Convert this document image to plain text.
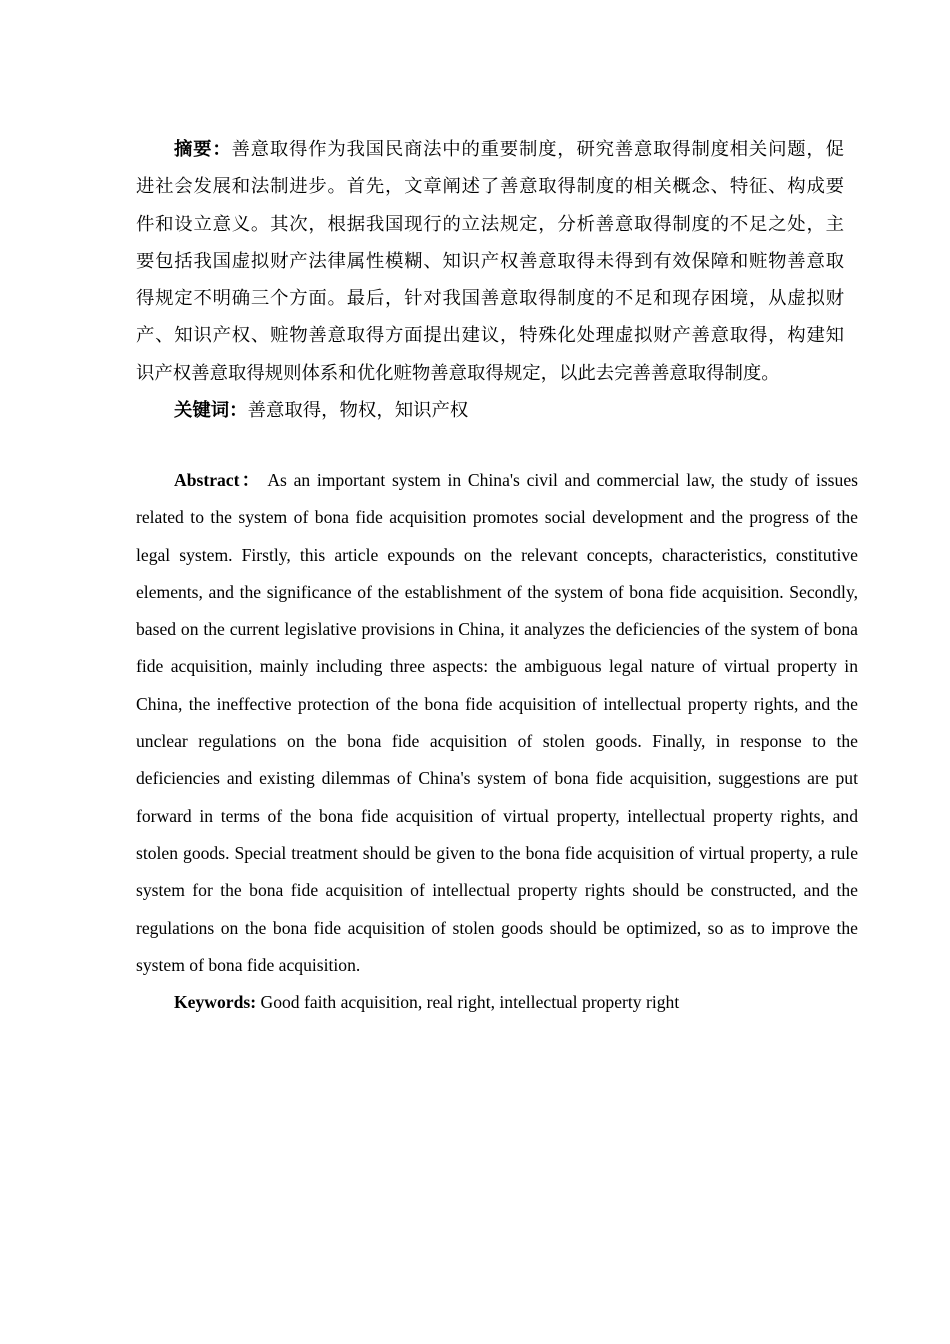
摘要：善意取得作为我国民商法中的重要制度，研究善意取得制度相关问题，促
进社会发展和法制进步。首先，文章阐述了善意取得制度的相关概念、特征、构成要
件和设立意义。其次，根据我国现行的立法规定，分析善意取得制度的不足之处，主
要包括我国虚拟财产法律属性模糊、知识产权善意取得未得到有效保障和赃物善意取
得规定不明确三个方面。最后，针对我国善意取得制度的不足和现存困境，从虚拟财
产、知识产权、赃物善意取得方面提出建议，特殊化处理虚拟财产善意取得，构建知
识产权善意取得规则体系和优化赃物善意取得规定，以此去完善善意取得制度。
关键词：善意取得，物权，知识产权

Abstract： As an important system in China's civil and commercial law, the study of issues related to the system of bona fide acquisition promotes social development and the progress of the legal system. Firstly, this article expounds on the relevant concepts, characteristics, constitutive elements, and the significance of the establishment of the system of bona fide acquisition. Secondly, based on the current legislative provisions in China, it analyzes the deficiencies of the system of bona fide acquisition, mainly including three aspects: the ambiguous legal nature of virtual property in China, the ineffective protection of the bona fide acquisition of intellectual property rights, and the unclear regulations on the bona fide acquisition of stolen goods. Finally, in response to the deficiencies and existing dilemmas of China's system of bona fide acquisition, suggestions are put forward in terms of the bona fide acquisition of virtual property, intellectual property rights, and stolen goods. Special treatment should be given to the bona fide acquisition of virtual property, a rule system for the bona fide acquisition of intellectual property rights should be constructed, and the regulations on the bona fide acquisition of stolen goods should be optimized, so as to improve the system of bona fide acquisition.

Keywords: Good faith acquisition, real right, intellectual property right
